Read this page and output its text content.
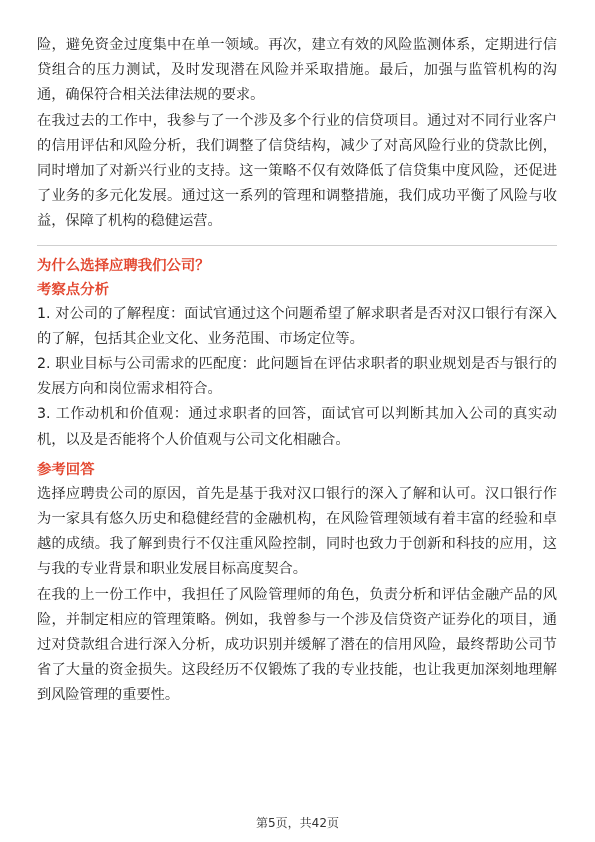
险，避免资金过度集中在单一领域。再次，建立有效的风险监测体系，定期进行信贷组合的压力测试，及时发现潜在风险并采取措施。最后，加强与监管机构的沟通，确保符合相关法律法规的要求。

在我过去的工作中，我参与了一个涉及多个行业的信贷项目。通过对不同行业客户的信用评估和风险分析，我们调整了信贷结构，减少了对高风险行业的贷款比例，同时增加了对新兴行业的支持。这一策略不仅有效降低了信贷集中度风险，还促进了业务的多元化发展。通过这一系列的管理和调整措施，我们成功平衡了风险与收益，保障了机构的稳健运营。

为什么选择应聘我们公司？
考察点分析

1. 对公司的了解程度：面试官通过这个问题希望了解求职者是否对汉口银行有深入的了解，包括其企业文化、业务范围、市场定位等。

2. 职业目标与公司需求的匹配度：此问题旨在评估求职者的职业规划是否与银行的发展方向和岗位需求相符合。

3. 工作动机和价值观：通过求职者的回答，面试官可以判断其加入公司的真实动机，以及是否能将个人价值观与公司文化相融合。

参考回答

选择应聘贵公司的原因，首先是基于我对汉口银行的深入了解和认可。汉口银行作为一家具有悠久历史和稳健经营的金融机构，在风险管理领域有着丰富的经验和卓越的成绩。我了解到贵行不仅注重风险控制，同时也致力于创新和科技的应用，这与我的专业背景和职业发展目标高度契合。

在我的上一份工作中，我担任了风险管理师的角色，负责分析和评估金融产品的风险，并制定相应的管理策略。例如，我曾参与一个涉及信贷资产证券化的项目，通过对贷款组合进行深入分析，成功识别并缓解了潜在的信用风险，最终帮助公司节省了大量的资金损失。这段经历不仅锻炼了我的专业技能，也让我更加深刻地理解到风险管理的重要性。

第5页，共42页
